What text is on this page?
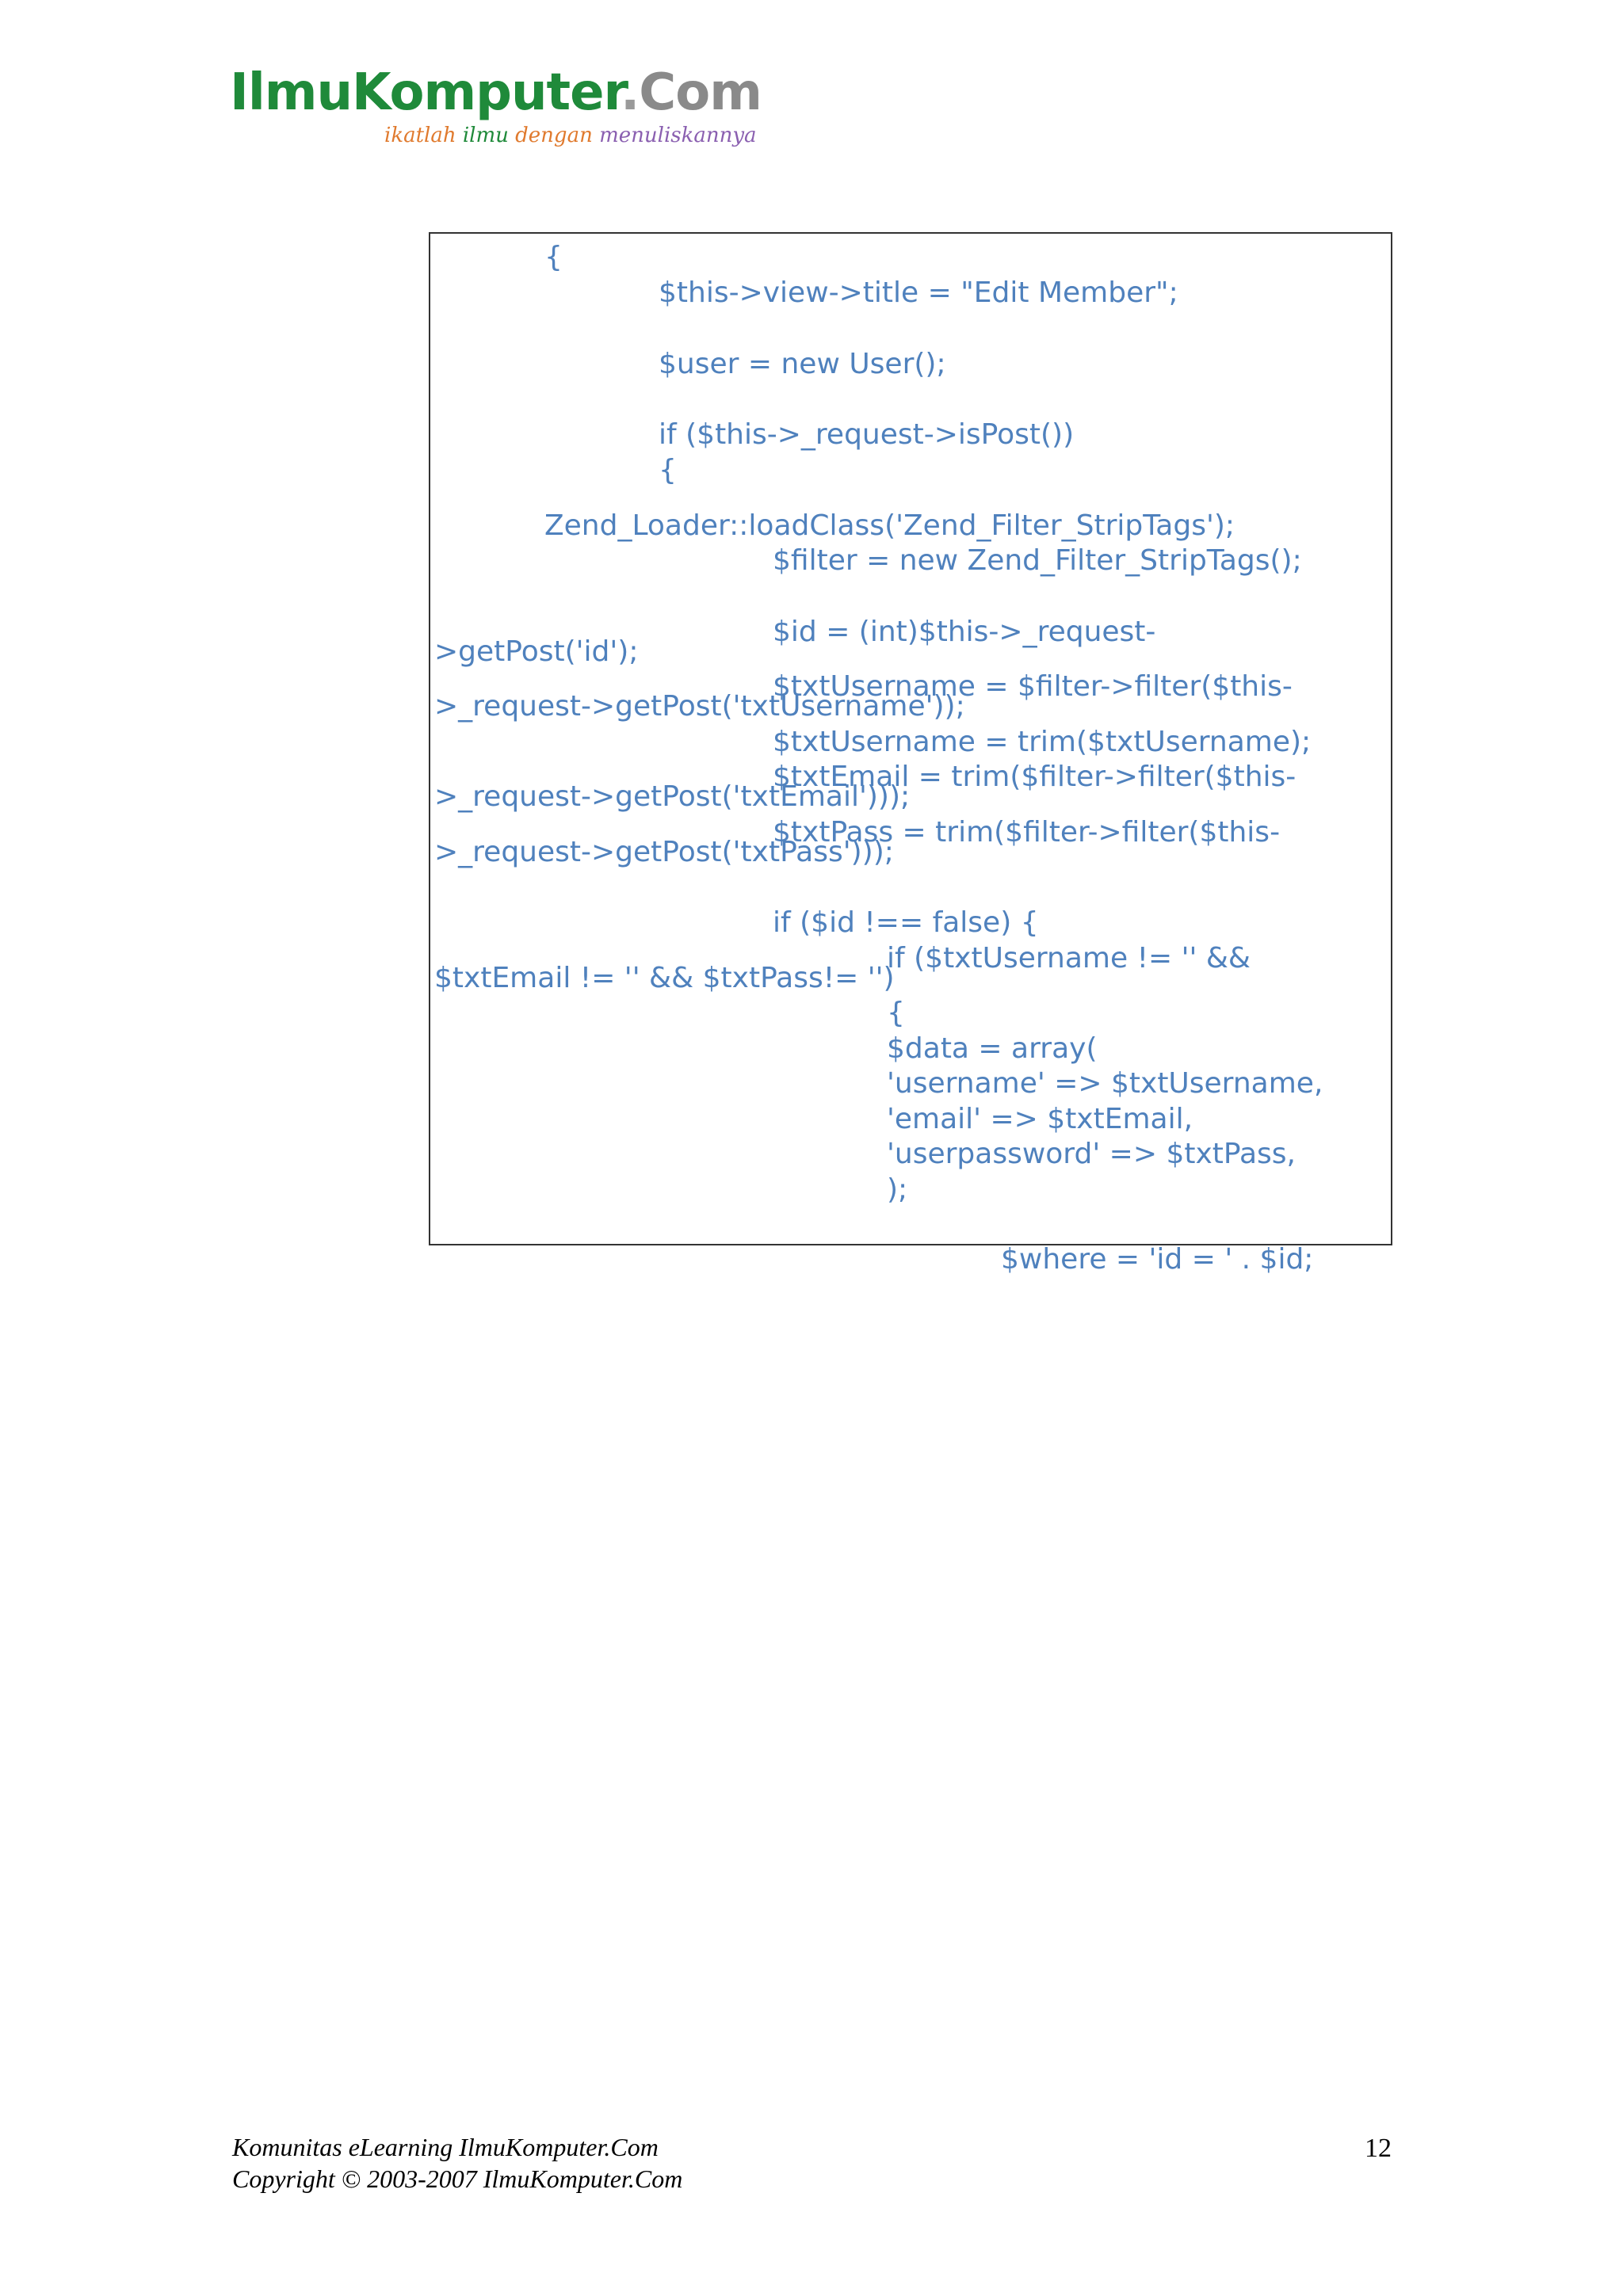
IlmuKomputer.Com
ikatlah ilmu dengan menuliskannya
{
$this->view->title = "Edit Member";
$user = new User();
if ($this->_request->isPost())
{
Zend_Loader::loadClass('Zend_Filter_StripTags');
$filter = new Zend_Filter_StripTags();
$id = (int)$this->_request-
>getPost('id');
$txtUsername = $filter->filter($this-
>_request->getPost('txtUsername'));
$txtUsername = trim($txtUsername);
$txtEmail = trim($filter->filter($this-
>_request->getPost('txtEmail')));
$txtPass = trim($filter->filter($this-
>_request->getPost('txtPass')));
if ($id !== false) {
if ($txtUsername != '' &&
$txtEmail != '' && $txtPass!= '')
{
$data = array(
'username' => $txtUsername,
'email' => $txtEmail,
'userpassword' => $txtPass,
);
$where = 'id = ' . $id;
Komunitas eLearning IlmuKomputer.Com
Copyright © 2003-2007 IlmuKomputer.Com
12
